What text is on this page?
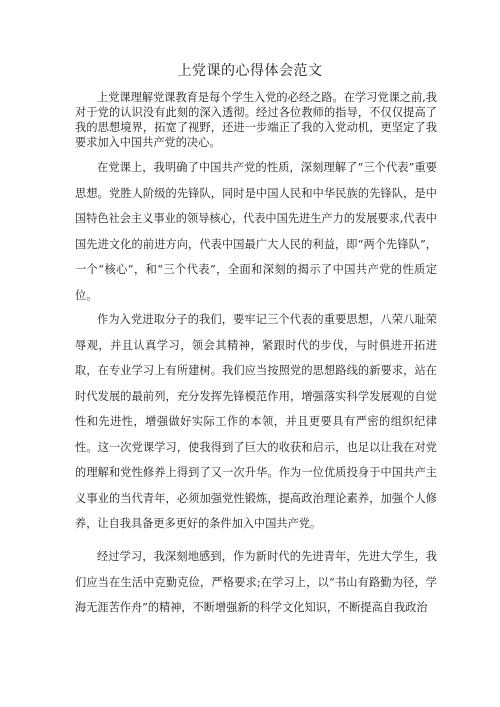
上党课的心得体会范文

上党课理解党课教育是每个学生入党的必经之路。在学习党课之前,我对于党的认识没有此刻的深入透彻。经过各位教师的指导，不仅仅提高了我的思想境界，拓宽了视野，还进一步端正了我的入党动机，更坚定了我要求加入中国共产党的决心。

在党课上，我明确了中国共产党的性质，深刻理解了“三个代表”重要思想。党胜人阶级的先锋队，同时是中国人民和中华民族的先锋队，是中国特色社会主义事业的领导核心，代表中国先进生产力的发展要求,代表中国先进文化的前进方向，代表中国最广大人民的利益，即“两个先锋队”，一个“核心”，和“三个代表”，全面和深刻的揭示了中国共产党的性质定位。

作为入党进取分子的我们，要牢记三个代表的重要思想，八荣八耻荣辱观，并且认真学习，领会其精神，紧跟时代的步伐，与时俱进开拓进取，在专业学习上有所建树。我们应当按照党的思想路线的新要求，站在时代发展的最前列，充分发挥先锋模范作用，增强落实科学发展观的自觉性和先进性，增强做好实际工作的本领，并且更要具有严密的组织纪律性。这一次党课学习，使我得到了巨大的收获和启示，也足以让我在对党的理解和党性修养上得到了又一次升华。作为一位优质投身于中国共产主义事业的当代青年，必须加强党性锻炼，提高政治理论素养，加强个人修养，让自我具备更多更好的条件加入中国共产党。

经过学习，我深刻地感到，作为新时代的先进青年，先进大学生，我们应当在生活中克勤克俭，严格要求;在学习上，以“书山有路勤为径，学海无涯苦作舟”的精神，不断增强新的科学文化知识，不断提高自我政治
